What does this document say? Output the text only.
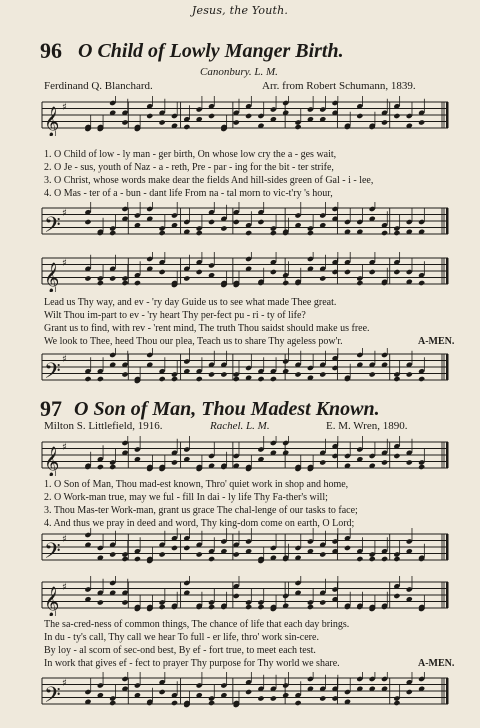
Jesus, the Youth.
96 O Child of Lowly Manger Birth.
Canonbury. L. M.
Ferdinand Q. Blanchard.	Arr. from Robert Schumann, 1839.
𝄞 ♯
1. O Child of low - ly man - ger birth, On whose low cry the a - ges wait,
2. O Je - sus, youth of Naz - a - reth, Pre - par - ing for the bit - ter strife,
3. O Christ, whose words make dear the fields And hill-sides green of Gal - i - lee,
4. O Mas - ter of a - bun - dant life From na - tal morn to vic-t'ry 's hour,
𝄢 ♯
𝄞 ♯
Lead us Thy way, and ev - 'ry day Guide us to see what made Thee great.
Wilt Thou im-part to ev - 'ry heart Thy per-fect pu - ri - ty of life?
Grant us to find, with rev - 'rent mind, The truth Thou saidst should make us free.
We look to Thee, heed Thou our plea, Teach us to share Thy ageless pow'r.	A-MEN.
𝄢 ♯
97 O Son of Man, Thou Madest Known.
Milton S. Littlefield, 1916.	Rachel. L. M.	E. M. Wren, 1890.
𝄞 ♯
1. O Son of Man, Thou mad-est known, Thro' quiet work in shop and home,
2. O Work-man true, may we ful - fill In dai - ly life Thy Fa-ther's will;
3. Thou Mas-ter Work-man, grant us grace The chal-lenge of our tasks to face;
4. And thus we pray in deed and word, Thy king-dom come on earth, O Lord;
𝄢 ♯
𝄞 ♯
The sa-cred-ness of common things, The chance of life that each day brings.
In du - ty's call, Thy call we hear To full - er life, thro' work sin-cere.
By loy - al scorn of sec-ond best, By ef - fort true, to meet each test.
In work that gives ef - fect to prayer Thy purpose for Thy world we share.	A-MEN.
𝄢 ♯
